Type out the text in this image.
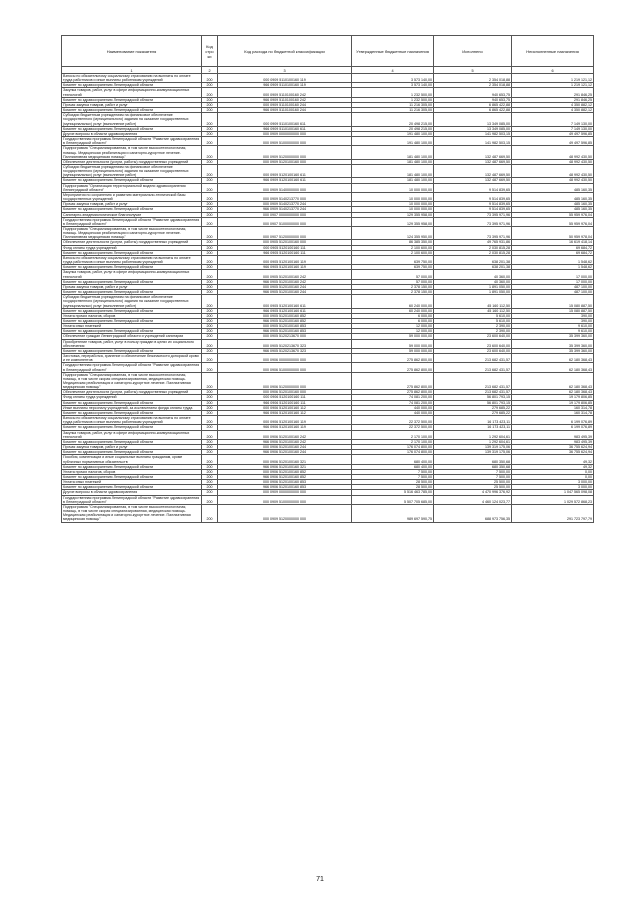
Наименование показателя	Код стро ки	Код расхода по бюджетной классификации	Утвержденные бюджетные назначения	Исполнено	Неисполненные назначения
1	2	3	4	5	6
Взносы по обязательному социальному страхованию на выплаты по оплате труда работников и иные выплаты работникам учреждений	200	000 0909 5110100160 119	3 573 140,00	2 354 018,88	1 219 121,12
Комитет по здравоохранению Ленинградской области	200	966 0909 5110100160 119	3 573 140,00	2 354 018,88	1 219 121,12
Закупка товаров, работ, услуг в сфере информационно-коммуникационных технологий	200	000 0909 5110100160 242	1 232 500,00	940 653,75	291 846,25
Комитет по здравоохранению Ленинградской области	200	966 0909 5110100160 242	1 232 500,00	940 653,75	291 846,25
Прочая закупка товаров, работ и услуг	200	000 0909 5110100160 244	11 216 305,00	6 865 422,88	4 350 882,12
Комитет по здравоохранению Ленинградской области	200	966 0909 5110100160 244	11 216 305,00	6 865 422,88	4 350 882,12
Субсидии бюджетным учреждениям на финансовое обеспечение государственного (муниципального) задания на оказание государственных (муниципальных) услуг (выполнение работ)	200	000 0909 5110100160 611	20 498 215,00	13 349 085,00	7 149 130,00
Комитет по здравоохранению Ленинградской области	200	966 0909 5110100160 611	20 498 215,00	13 349 085,00	7 149 130,00
Другие вопросы в области здравоохранения	200	000 0909 0000000000 000	191 480 100,00	141 982 503,15	49 497 596,85
Государственная программа Ленинградской области "Развитие здравоохранения в Ленинградской области"	200	000 0909 5100000000 000	191 480 100,00	141 982 503,15	49 497 596,85
Подпрограмма "Специализированная, в том числе высокотехнологичная, помощь. Медицинская реабилитация и санаторно-курортное лечение. Паллиативная медицинская помощь"	200	000 0909 5120000000 000	181 480 100,00	132 487 669,50	48 992 430,50
Обеспечение деятельности (услуги, работы) государственных учреждений	200	000 0909 5120100160 000	181 480 100,00	132 487 669,50	48 992 430,50
Субсидии бюджетным учреждениям на финансовое обеспечение государственного (муниципального) задания на оказание государственных (муниципальных) услуг (выполнение работ)	200	000 0909 5120100160 611	181 480 100,00	132 487 669,50	48 992 430,50
Комитет по здравоохранению Ленинградской области	200	966 0909 5120100160 611	181 480 100,00	132 487 669,50	48 992 430,50
Подпрограмма "Организация территориальной модели здравоохранения Ленинградской области"	200	000 0909 5140000000 000	10 000 000,00	9 514 839,65	485 160,35
Мероприятия по сохранению и развитию материально-технической базы государственных учреждений	200	000 0909 5140213770 000	10 000 000,00	9 514 839,65	485 160,35
Прочая закупка товаров, работ и услуг	200	000 0909 5140213770 244	10 000 000,00	9 514 839,65	485 160,35
Комитет по здравоохранению Ленинградской области	200	966 0909 5140213770 244	10 000 000,00	9 514 839,65	485 160,35
Санитарно-эпидемиологическое благополучие	200	000 0907 0000000000 000	129 355 958,00	73 395 971,96	55 959 976,04
Государственная программа Ленинградской области "Развитие здравоохранения в Ленинградской области"	200	000 0907 5100000000 000	129 355 958,00	73 395 971,96	55 959 976,04
Подпрограмма "Специализированная, в том числе высокотехнологичная, помощь. Медицинская реабилитация и санаторно-курортное лечение. Паллиативная медицинская помощь"	200	000 0907 5120000000 000	124 355 950,00	73 395 971,96	50 959 978,04
Обеспечение деятельности (услуги, работы) государственных учреждений	200	000 0905 5120100160 000	86 385 350,00	49 765 931,86	16 619 418,14
Фонд оплаты труда учреждений	200	000 0905 5120100160 111	2 100 600,00	2 030 815,28	69 684,72
Комитет по здравоохранению Ленинградской области	200	966 0905 5120100160 111	2 100 600,00	2 030 815,28	69 684,72
Взносы по обязательному социальному страхованию на выплаты по оплате труда работников и иные выплаты работникам учреждений	200	000 0905 5120100160 119	639 750,00	638 201,38	1 548,62
Комитет по здравоохранению Ленинградской области	200	966 0905 5120100160 119	639 750,00	638 201,38	1 548,62
Закупка товаров, работ, услуг в сфере информационно-коммуникационных технологий	200	000 0905 5120100160 242	57 000,00	40 360,00	17 000,00
Комитет по здравоохранению Ленинградской области	200	966 0905 5120100160 242	57 000,00	40 360,00	17 000,00
Прочая закупка товаров, работ и услуг	200	000 0905 5120100160 244	2 378 150,00	1 891 050,00	487 100,00
Комитет по здравоохранению Ленинградской области	200	966 0905 5120100160 244	2 378 150,00	1 891 050,00	487 100,00
Субсидии бюджетным учреждениям на финансовое обеспечение государственного (муниципального) задания на оказание государственных (муниципальных) услуг (выполнение работ)	200	000 0905 5120100160 611	60 240 000,00	45 160 112,50	15 080 887,50
Комитет по здравоохранению Ленинградской области	200	966 0905 5120100160 611	60 240 000,00	45 160 112,50	15 080 887,50
Уплата прочих налогов, сборов	200	000 0905 5120100160 852	6 000,00	5 610,00	390,00
Комитет по здравоохранению Ленинградской области	200	966 0905 5120100160 852	6 000,00	5 610,00	390,00
Уплата иных платежей	200	000 0905 5120100160 853	12 000,00	2 390,00	9 610,00
Комитет по здравоохранению Ленинградской области	200	966 0905 5120100160 853	12 000,00	2 390,00	9 610,00
Обеспечение граждан Ленинградской области и учреждений санитарии	200	000 0905 5120213670 000	59 000 000,00	23 600 640,00	35 399 360,00
Приобретение товаров, работ, услуг в пользу граждан в целях их социального обеспечения	200	000 0905 5120213670 323	59 000 000,00	23 600 640,00	35 399 360,00
Комитет по здравоохранению Ленинградской области	200	966 0905 5120213670 323	59 000 000,00	23 600 640,00	35 399 360,00
Заготовка, переработка, хранение и обеспечение безопасности донорской крови и ее компонентов	200	000 0906 0000000000 000	275 862 800,00	213 682 431,57	62 180 368,43
Государственная программа Ленинградской области "Развитие здравоохранения в Ленинградской области"	200	000 0906 5100000000 000	275 862 800,00	213 682 431,57	62 180 368,43
Подпрограмма "Специализированная, в том числе высокотехнологичная, помощь, в том числе скорая специализированная, медицинская помощь. Медицинская реабилитация и санаторно-курортное лечение. Паллиативная медицинская помощь"	200	000 0906 5120000000 000	275 862 800,00	213 682 431,57	62 180 368,43
Обеспечение деятельности (услуги, работы) государственных учреждений	200	000 0906 5120100160 000	275 862 800,00	213 682 431,57	62 180 368,43
Фонд оплаты труда учреждений	200	000 0906 5120100160 111	74 081 200,00	56 801 793,15	19 179 806,85
Комитет по здравоохранению Ленинградской области	200	966 0906 5120100160 111	74 081 200,00	56 801 793,15	19 179 806,85
Иные выплаты персоналу учреждений, за исключением фонда оплаты труда	200	000 0906 5120100160 112	440 000,00	279 685,22	160 314,78
Комитет по здравоохранению Ленинградской области	200	966 0906 5120100160 112	440 000,00	279 685,22	160 314,78
Взносы по обязательному социальному страхованию на выплаты по оплате труда работников и иные выплаты работникам учреждений	200	000 0906 5120100160 119	22 372 500,00	16 173 423,11	6 199 076,89
Комитет по здравоохранению Ленинградской области	200	966 0906 5120100160 119	22 372 500,00	16 173 423,11	6 199 076,89
Закупка товаров, работ, услуг в сфере информационно-коммуникационных технологий	200	000 0906 5120100160 242	2 170 100,00	1 292 604,61	983 495,39
Комитет по здравоохранению Ленинградской области	200	966 0906 5120100160 242	2 170 100,00	1 292 604,61	983 495,39
Прочая закупка товаров, работ и услуг	200	000 0906 5120100160 244	176 074 800,00	139 319 175,06	36 755 624,94
Комитет по здравоохранению Ленинградской области	200	966 0906 5120100160 244	176 074 800,00	139 319 175,06	36 755 624,94
Пособия, компенсации и иные социальные выплаты гражданам, кроме публичных нормативных обязательств	200	000 0906 5120100160 321	680 400,00	680 350,68	49,32
Комитет по здравоохранению Ленинградской области	200	966 0906 5120100160 321	680 400,00	680 350,68	49,32
Уплата прочих налогов, сборов	200	000 0906 5120100160 852	7 500,00	7 500,00	0,00
Комитет по здравоохранению Ленинградской области	200	966 0906 5120100160 852	7 500,00	7 500,00	0,00
Уплата иных платежей	200	000 0906 5120100160 853	28 500,00	25 500,00	3 000,00
Комитет по здравоохранению Ленинградской области	200	966 0906 5120100160 853	28 500,00	25 500,00	3 000,00
Другие вопросы в области здравоохранения	200	000 0909 0000000000 000	5 516 463 785,00	4 470 996 376,92	1 047 565 098,08
Государственная программа Ленинградской области "Развитие здравоохранения в Ленинградской области"	200	000 0909 5100000000 000	5 507 705 685,00	4 460 124 023,77	1 029 572 868,23
Подпрограмма "Специализированная, в том числе высокотехнологичная, помощь, в том числе скорая специализированная, медицинская помощь. Медицинская реабилитация и санаторно-курортное лечение. Паллиативная медицинская помощь"	200	000 0909 5120000000 000	989 697 590,75	688 973 756,35	291 723 797,79
71
